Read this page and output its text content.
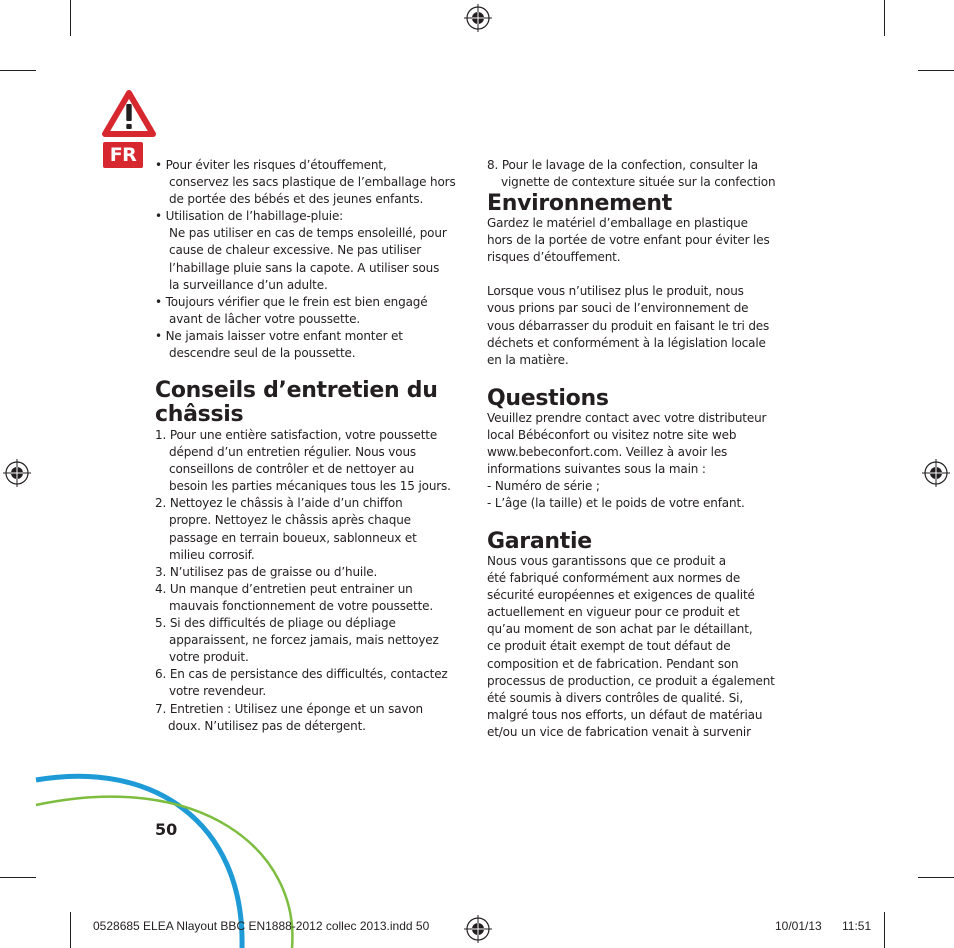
FR
50
0528685 ELEA Nlayout BBC EN1888-2012 collec 2013.indd 50	10/01/13 11:51
• Pour éviter les risques d’étouffement,
conservez les sacs plastique de l’emballage hors
de portée des bébés et des jeunes enfants.
• Utilisation de l’habillage-pluie:
Ne pas utiliser en cas de temps ensoleillé, pour
cause de chaleur excessive. Ne pas utiliser
l’habillage pluie sans la capote. A utiliser sous
la surveillance d’un adulte.
• Toujours vérifier que le frein est bien engagé
avant de lâcher votre poussette.
• Ne jamais laisser votre enfant monter et
descendre seul de la poussette.
Conseils d’entretien du
châssis
1. Pour une entière satisfaction, votre poussette
dépend d’un entretien régulier. Nous vous
conseillons de contrôler et de nettoyer au
besoin les parties mécaniques tous les 15 jours.
2. Nettoyez le châssis à l’aide d’un chiffon
propre. Nettoyez le châssis après chaque
passage en terrain boueux, sablonneux et
milieu corrosif.
3. N’utilisez pas de graisse ou d’huile.
4. Un manque d’entretien peut entrainer un
mauvais fonctionnement de votre poussette.
5. Si des difficultés de pliage ou dépliage
apparaissent, ne forcez jamais, mais nettoyez
votre produit.
6. En cas de persistance des difficultés, contactez
votre revendeur.
7. Entretien : Utilisez une éponge et un savon
doux. N’utilisez pas de détergent.
8. Pour le lavage de la confection, consulter la
vignette de contexture située sur la confection
Environnement
Gardez le matériel d’emballage en plastique
hors de la portée de votre enfant pour éviter les
risques d’étouffement.
Lorsque vous n’utilisez plus le produit, nous
vous prions par souci de l’environnement de
vous débarrasser du produit en faisant le tri des
déchets et conformément à la législation locale
en la matière.
Questions
Veuillez prendre contact avec votre distributeur
local Bébéconfort ou visitez notre site web
www.bebeconfort.com. Veillez à avoir les
informations suivantes sous la main :
- Numéro de série ;
- L’âge (la taille) et le poids de votre enfant.
Garantie
Nous vous garantissons que ce produit a
été fabriqué conformément aux normes de
sécurité européennes et exigences de qualité
actuellement en vigueur pour ce produit et
qu’au moment de son achat par le détaillant,
ce produit était exempt de tout défaut de
composition et de fabrication. Pendant son
processus de production, ce produit a également
été soumis à divers contrôles de qualité. Si,
malgré tous nos efforts, un défaut de matériau
et/ou un vice de fabrication venait à survenir
